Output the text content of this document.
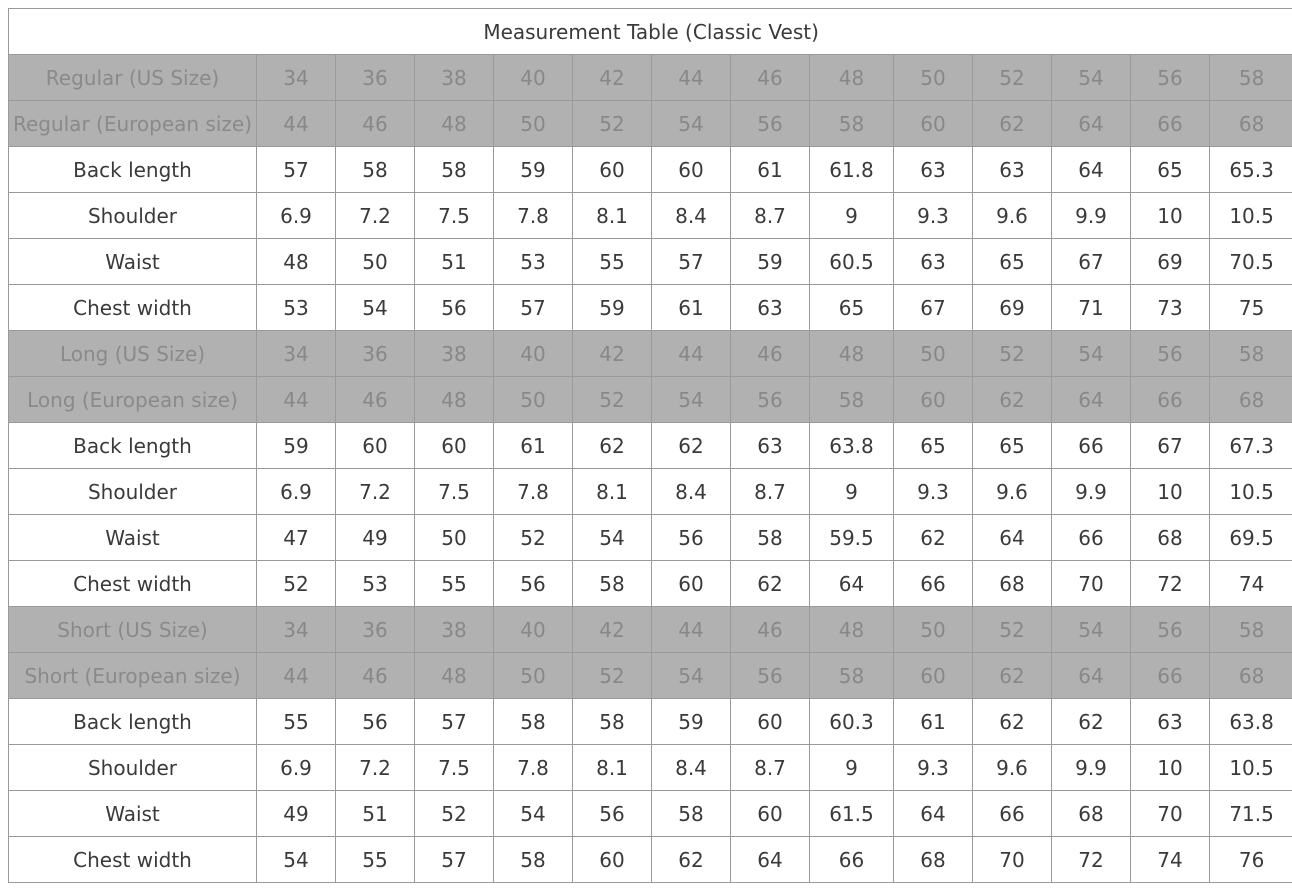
Measurement Table (Classic Vest)													
Regular (US Size)	34	36	38	40	42	44	46	48	50	52	54	56	58
Regular (European size)	44	46	48	50	52	54	56	58	60	62	64	66	68
Back length	57	58	58	59	60	60	61	61.8	63	63	64	65	65.3
Shoulder	6.9	7.2	7.5	7.8	8.1	8.4	8.7	9	9.3	9.6	9.9	10	10.5
Waist	48	50	51	53	55	57	59	60.5	63	65	67	69	70.5
Chest width	53	54	56	57	59	61	63	65	67	69	71	73	75
Long (US Size)	34	36	38	40	42	44	46	48	50	52	54	56	58
Long (European size)	44	46	48	50	52	54	56	58	60	62	64	66	68
Back length	59	60	60	61	62	62	63	63.8	65	65	66	67	67.3
Shoulder	6.9	7.2	7.5	7.8	8.1	8.4	8.7	9	9.3	9.6	9.9	10	10.5
Waist	47	49	50	52	54	56	58	59.5	62	64	66	68	69.5
Chest width	52	53	55	56	58	60	62	64	66	68	70	72	74
Short (US Size)	34	36	38	40	42	44	46	48	50	52	54	56	58
Short (European size)	44	46	48	50	52	54	56	58	60	62	64	66	68
Back length	55	56	57	58	58	59	60	60.3	61	62	62	63	63.8
Shoulder	6.9	7.2	7.5	7.8	8.1	8.4	8.7	9	9.3	9.6	9.9	10	10.5
Waist	49	51	52	54	56	58	60	61.5	64	66	68	70	71.5
Chest width	54	55	57	58	60	62	64	66	68	70	72	74	76
